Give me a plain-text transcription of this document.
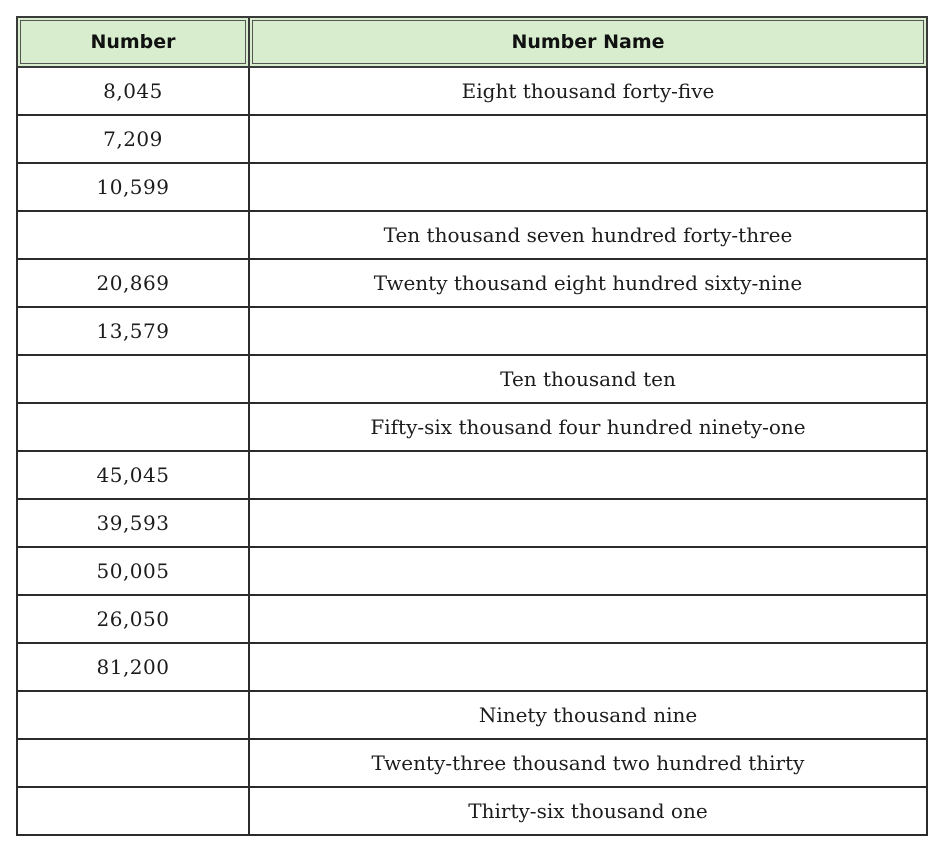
Number	Number Name
8,045	Eight thousand forty-five
7,209	
10,599	
	Ten thousand seven hundred forty-three
20,869	Twenty thousand eight hundred sixty-nine
13,579	
	Ten thousand ten
	Fifty-six thousand four hundred ninety-one
45,045	
39,593	
50,005	
26,050	
81,200	
	Ninety thousand nine
	Twenty-three thousand two hundred thirty
	Thirty-six thousand one
